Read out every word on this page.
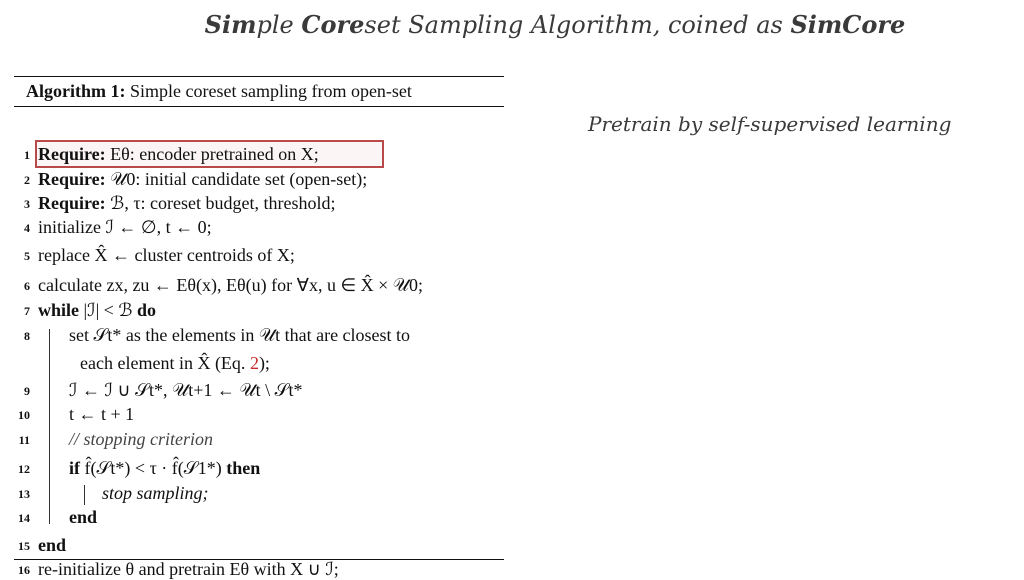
Simple Coreset Sampling Algorithm, coined as SimCore
Pretrain by self-supervised learning
Algorithm 1: Simple coreset sampling from open-set
1 Require: Eθ: encoder pretrained on X;
2 Require: 𝒰0: initial candidate set (open-set);
3 Require: ℬ, τ: coreset budget, threshold;
4 initialize ℐ ← ∅, t ← 0;
5 replace X̂ ← cluster centroids of X;
6 calculate zx, zu ← Eθ(x), Eθ(u) for ∀x, u ∈ X̂ × 𝒰0;
7 while |ℐ| < ℬ do
8 set 𝒮t* as the elements in 𝒰t that are closest to
each element in X̂ (Eq. 2);
9 ℐ ← ℐ ∪ 𝒮t*, 𝒰t+1 ← 𝒰t \ 𝒮t*
10 t ← t + 1
11 // stopping criterion
12 if f̂(𝒮t*) < τ · f̂(𝒮1*) then
13	stop sampling;
14 end
15 end
16 re-initialize θ and pretrain Eθ with X ∪ ℐ;
